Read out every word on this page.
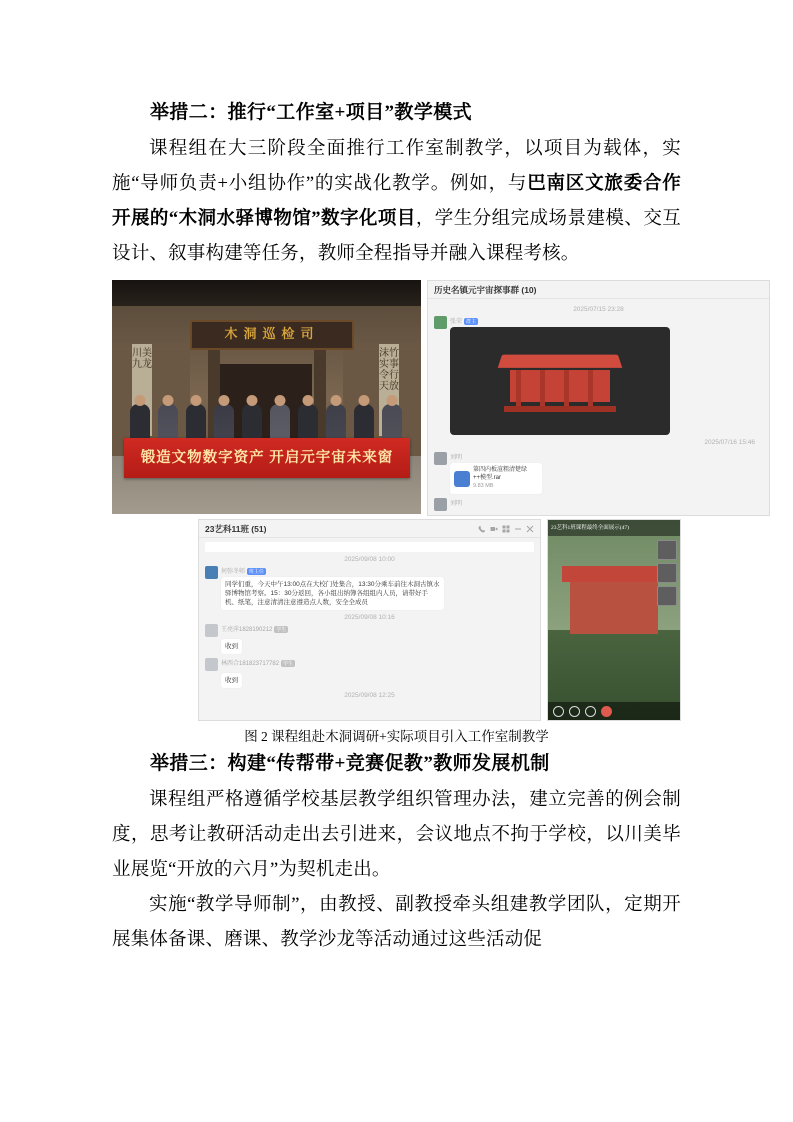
举措二：推行“工作室+项目”教学模式

课程组在大三阶段全面推行工作室制教学，以项目为载体，实施“导师负责+小组协作”的实战化教学。例如，与巴南区文旅委合作开展的“木洞水驿博物馆”数字化项目，学生分组完成场景建模、交互设计、叙事构建等任务，教师全程指导并融入课程考核。

木洞巡检司
川美九龙
沫竹实事令行天放
锻造文物数字资产 开启元宇宙未来窗
历史名镇元宇宙探事群 (10)
2025/07/15 23:28
张荣 群主
2025/07/16 15:46
刘明
第四内板渲粗清楚绿++模型.rar
9.83 MB
刘明
23艺科11班 (51)
2025/09/08 10:00
何弥冬师 班主任
同学们重，今天中午13:00点在大校门处集合，13:30分乘车前往木洞古镇水驿博物馆考察。15：30分返回，各小组出纳簿各组组内人员，请带好手机、纸笔，注意清清注意遵造点人数，安全全成员
2025/09/08 10:16
王亮萍1828190212 学生
收到
林西合181823717782 学生
收到
2025/09/08 12:25
23艺科1班课程最终全面展示(47)
图 2 课程组赴木洞调研+实际项目引入工作室制教学
举措三：构建“传帮带+竞赛促教”教师发展机制

课程组严格遵循学校基层教学组织管理办法，建立完善的例会制度，思考让教研活动走出去引进来，会议地点不拘于学校，以川美毕业展览“开放的六月”为契机走出。

实施“教学导师制”，由教授、副教授牵头组建教学团队，定期开展集体备课、磨课、教学沙龙等活动通过这些活动促
